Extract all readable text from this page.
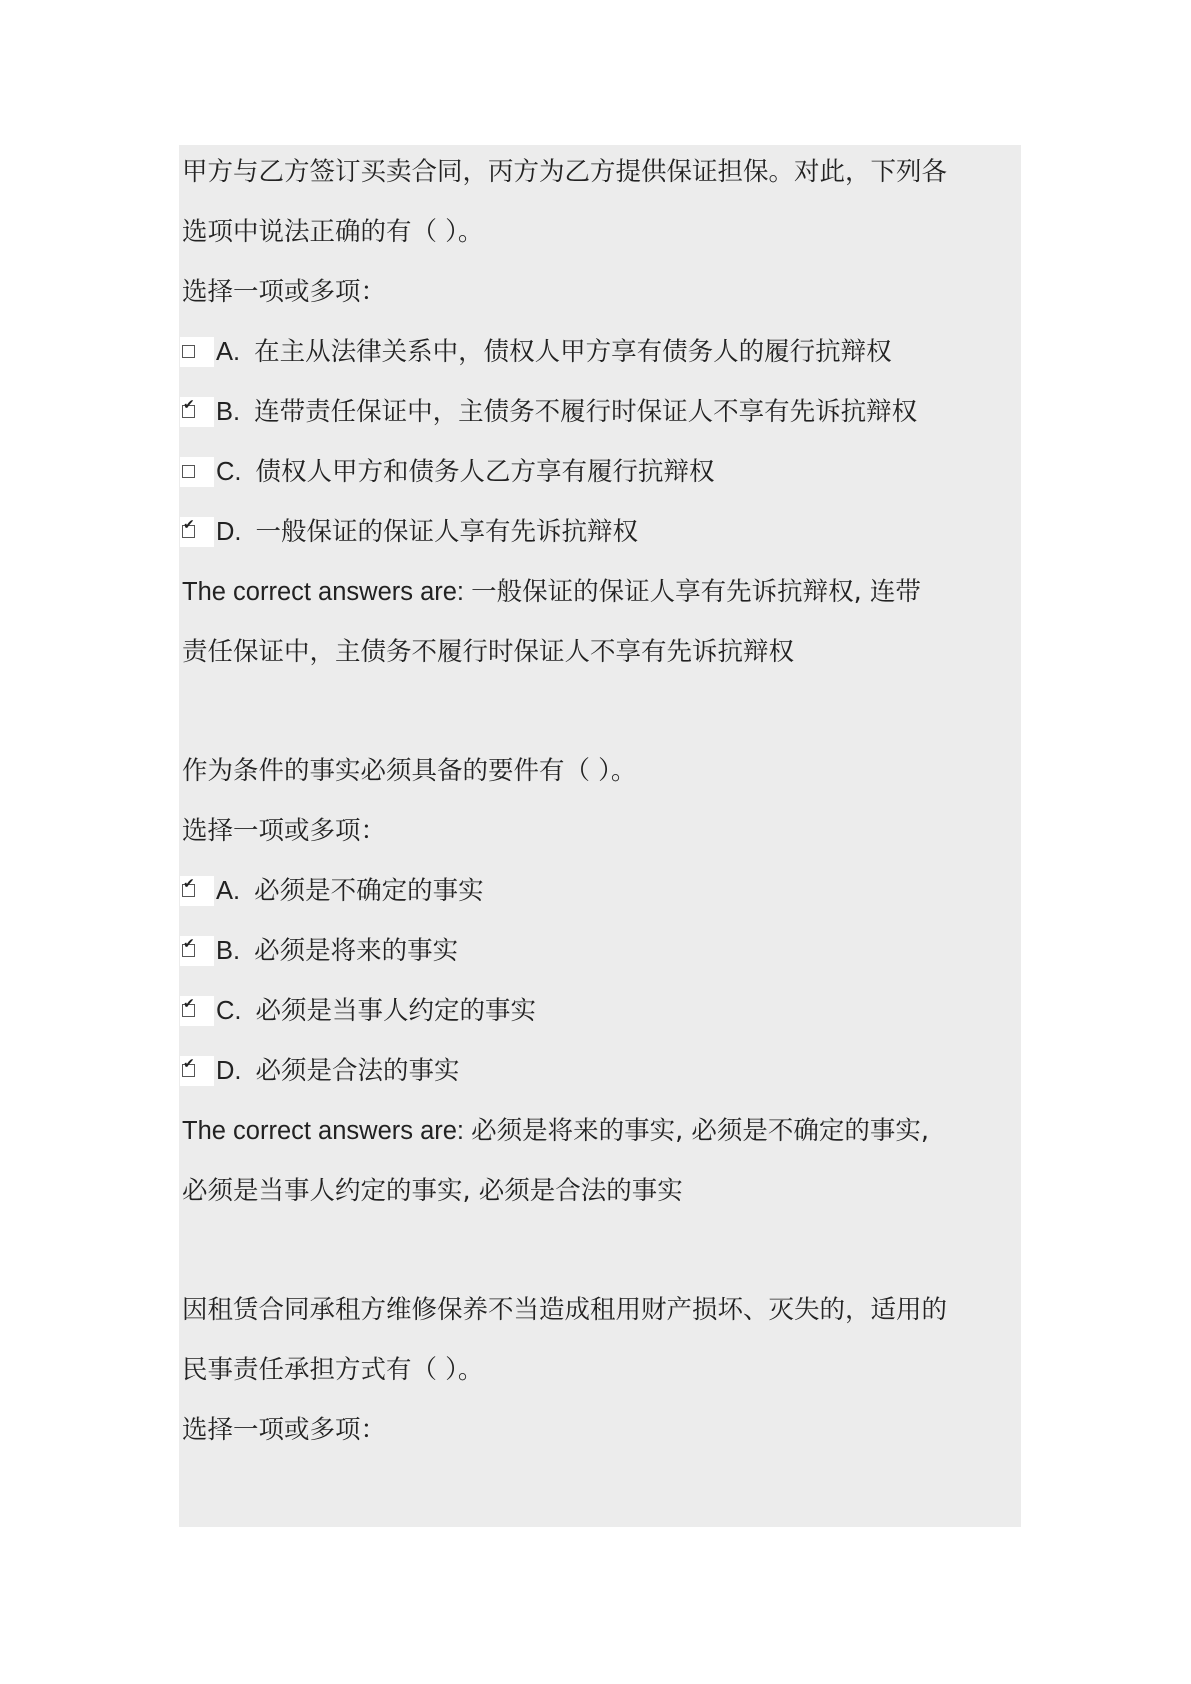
甲方与乙方签订买卖合同，丙方为乙方提供保证担保。对此，下列各
选项中说法正确的有（ ）。
选择一项或多项：
A. 在主从法律关系中，债权人甲方享有债务人的履行抗辩权
✔ B. 连带责任保证中，主债务不履行时保证人不享有先诉抗辩权
C. 债权人甲方和债务人乙方享有履行抗辩权
✔ D. 一般保证的保证人享有先诉抗辩权
The correct answers are: 一般保证的保证人享有先诉抗辩权, 连带
责任保证中，主债务不履行时保证人不享有先诉抗辩权
作为条件的事实必须具备的要件有（ ）。
选择一项或多项：
✔ A. 必须是不确定的事实
✔ B. 必须是将来的事实
✔ C. 必须是当事人约定的事实
✔ D. 必须是合法的事实
The correct answers are: 必须是将来的事实, 必须是不确定的事实,
必须是当事人约定的事实, 必须是合法的事实
因租赁合同承租方维修保养不当造成租用财产损坏、灭失的，适用的
民事责任承担方式有（ ）。
选择一项或多项：
